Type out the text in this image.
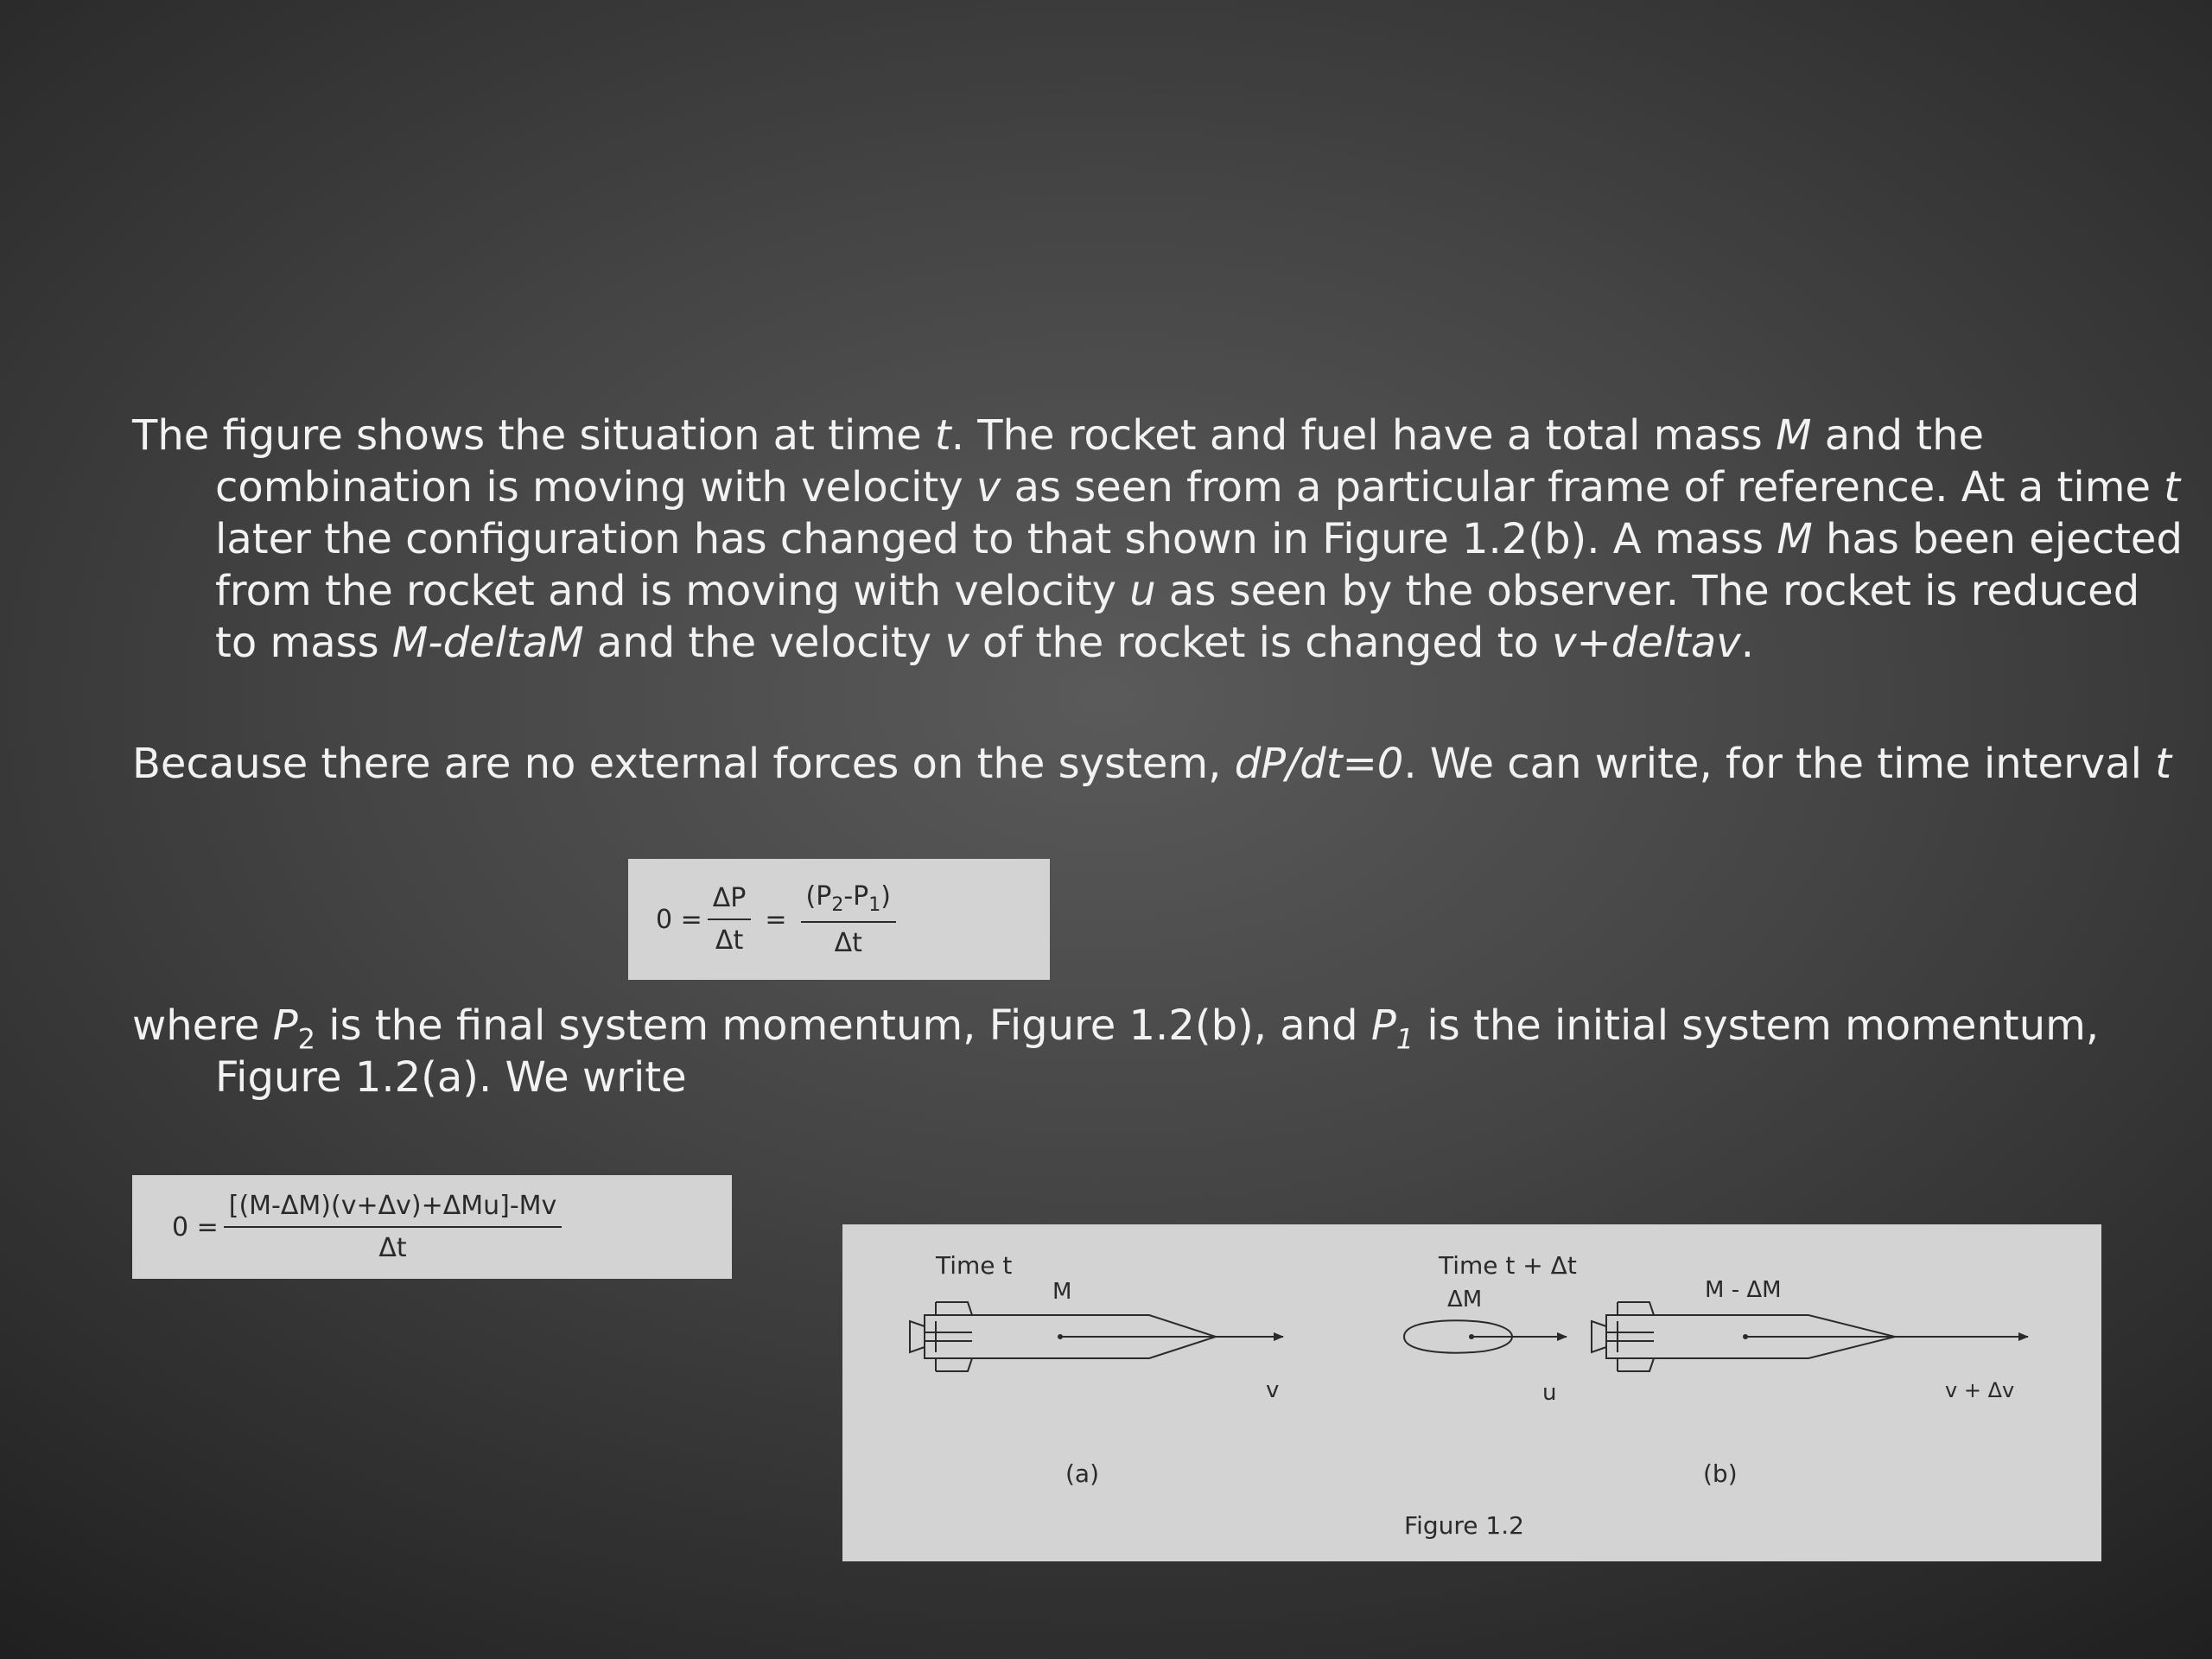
The figure shows the situation at time t. The rocket and fuel have a total mass M and the combination is moving with velocity v as seen from a particular frame of reference. At a time t later the configuration has changed to that shown in Figure 1.2(b). A mass M has been ejected from the rocket and is moving with velocity u as seen by the observer. The rocket is reduced to mass M-deltaM and the velocity v of the rocket is changed to v+deltav.

Because there are no external forces on the system, dP/dt=0. We can write, for the time interval t

$0 = \frac{\Delta P}{\Delta t} = \frac{(P_2-P_1)}{\Delta t}$

where $P_2$ is the final system momentum, Figure 1.2(b), and $P_1$ is the initial system momentum, Figure 1.2(a). We write

$0 = \frac{\text{[(M-ΔM)(v+Δv)+ΔMu]-Mv}}{\Delta t}$
Time t	Time t + Δt
M
v
ΔM
u
M - ΔM
v + Δv
(a)	(b)
Figure 1.2
